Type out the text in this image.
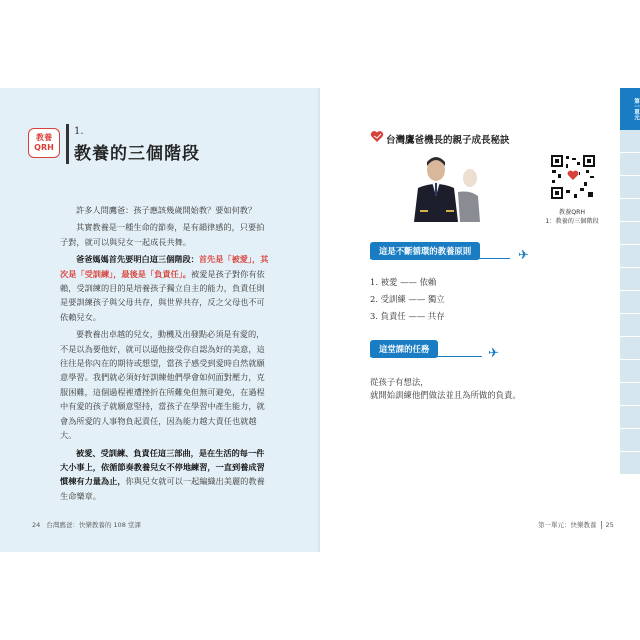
教養
QRH
1.
教養的三個階段

許多人問鷹爸：孩子應該幾歲開始教？要如何教？

其實教養是一種生命的節奏，是有韻律感的，只要拍子對，就可以與兒女一起成長共舞。

爸爸媽媽首先要明白這三個階段：首先是「被愛」，其次是「受訓練」，最後是「負責任」。被愛是孩子對你有依賴，受訓練的目的是培養孩子獨立自主的能力，負責任則是要訓練孩子與父母共存，與世界共存，反之父母也不可依賴兒女。

要教養出卓越的兒女，動機及出發點必須是有愛的，不是以為要他好，就可以逼他接受你自認為好的美意，這往往是你內在的期待或想望，當孩子感受到愛時自然就願意學習。我們就必須好好訓練他們學會如何面對壓力，克服困難，這個過程裡遭挫折在所難免但無可避免，在過程中有愛的孩子就願意堅持，當孩子在學習中產生能力，就會為所愛的人事物負起責任，因為能力越大責任也就越大。

被愛、受訓練、負責任這三部曲，是在生活的每一件大小事上，依循節奏教養兒女不停地練習，一直到養成習慣棟有力量為止，你與兒女就可以一起編織出美麗的教養生命樂章。

24 台灣鷹爸：快樂教養的 108 堂課
台灣鷹爸機長的親子成長秘訣
教養QRH
1：教養的三個階段
這是不斷循環的教養原則	✈
1. 被愛 —— 依賴
2. 受訓練 —— 獨立
3. 負責任 —— 共存
這堂課的任務	✈
從孩子有想法，
就開始訓練他們做法並且為所做的負責。
第一單元：快樂教養 25
第一單元
